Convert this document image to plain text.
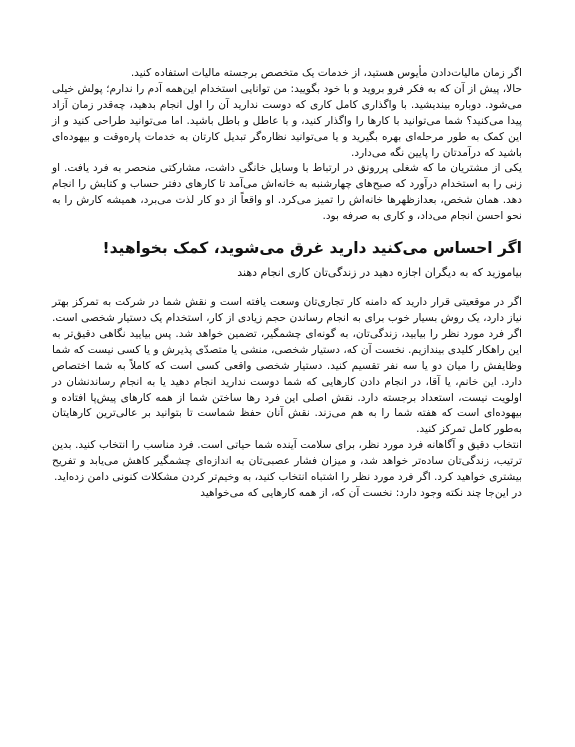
اگر زمان مالیات‌دادن مأیوس هستید، از خدمات یک متخصص برجسته مالیات استفاده کنید.

حالا، پیش از آن که به فکر فرو بروید و با خود بگویید: من توانایی استخدام این‌همه آدم را ندارم؛ پولش خیلی می‌شود. دوباره بیندیشید. با واگذاری کامل کاری که دوست ندارید آن را اول انجام بدهید، چه‌قدر زمان آزاد پیدا می‌کنید؟ شما می‌توانید با کارها را واگذار کنید، و با عاطل و باطل باشید. اما می‌توانید طراحی کنید و از این کمک به طور مرحله‌ای بهره بگیرید و یا می‌توانید نظاره‌گر تبدیل کارتان به خدمات پاره‌وقت و بیهوده‌ای باشید که درآمدتان را پایین نگه می‌دارد.

یکی از مشتریان ما که شغلی پررونق در ارتباط با وسایل خانگی داشت، مشارکتی منحصر به فرد یافت. او زنی را به استخدام درآورد که صبح‌های چهارشنبه به خانه‌اش می‌آمد تا کارهای دفتر حساب و کتابش را انجام دهد. همان شخص، بعدازظهرها خانه‌اش را تمیز می‌کرد. او واقعاً از دو کار لذت می‌برد، همیشه کارش را به نحو احسن انجام می‌داد، و کاری به صرفه بود.

اگر احساس می‌کنید دارید غرق می‌شوید، کمک بخواهید!

بیاموزید که به دیگران اجازه دهید در زندگی‌تان کاری انجام دهند

اگر در موقعیتی قرار دارید که دامنه کار تجاری‌تان وسعت یافته است و نقش شما در شرکت به تمرکز بهتر نیاز دارد، یک روش بسیار خوب برای به انجام رساندن حجم زیادی از کار، استخدام یک دستیار شخصی است. اگر فرد مورد نظر را بیابید، زندگی‌تان، به گونه‌ای چشمگیر، تضمین خواهد شد. پس بیایید نگاهی دقیق‌تر به این راهکار کلیدی بیندازیم. نخست آن که، دستیار شخصی، منشی یا متصدّی پذیرش و یا کسی نیست که شما وظایفش را میان دو یا سه نفر تقسیم کنید. دستیار شخصی واقعی کسی است که کاملاً به شما اختصاص دارد. این خانم، یا آقا، در انجام دادن کارهایی که شما دوست ندارید انجام دهید یا به انجام رساندنشان در اولویت نیست، استعداد برجسته دارد. نقش اصلی این فرد رها ساختن شما از همه کارهای پیش‌پا افتاده و بیهوده‌ای است که هفته شما را به هم می‌زند. نقش آنان حفظ شماست تا بتوانید بر عالی‌ترین کارهایتان به‌طور کامل تمرکز کنید.

انتخاب دقیق و آگاهانه فرد مورد نظر، برای سلامت آینده شما حیاتی است. فرد مناسب را انتخاب کنید. بدین ترتیب، زندگی‌تان ساده‌تر خواهد شد، و میزان فشار عصبی‌تان به اندازه‌ای چشمگیر کاهش می‌یابد و تفریح بیشتری خواهید کرد. اگر فرد مورد نظر را اشتباه انتخاب کنید، به وخیم‌تر کردن مشکلات کنونی دامن زده‌اید.

در این‌جا چند نکته وجود دارد: نخست آن که، از همه کارهایی که می‌خواهید
